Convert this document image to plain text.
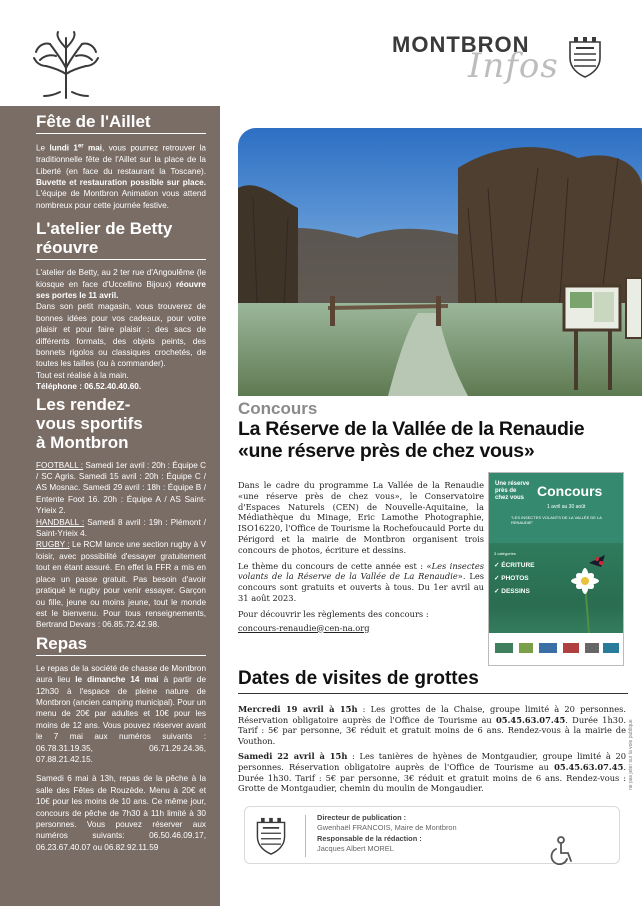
MONTBRON
Infos
Fête de l'Aillet

Le lundi 1er mai, vous pourrez retrouver la traditionnelle fête de l'Aillet sur la place de la Liberté (en face du restaurant la Toscane). Buvette et restauration possible sur place. L'équipe de Montbron Animation vous attend nombreux pour cette journée festive.

L'atelier de Betty réouvre

L'atelier de Betty, au 2 ter rue d'Angoulême (le kiosque en face d'Uccellino Bijoux) réouvre ses portes le 11 avril.
Dans son petit magasin, vous trouverez de bonnes idées pour vos cadeaux, pour votre plaisir et pour faire plaisir : des sacs de différents formats, des objets peints, des bonnets rigolos ou classiques crochetés, de toutes les tailles (ou à commander).
Tout est réalisé à la main.
Téléphone : 06.52.40.40.60.

Les rendez-vous sportifs à Montbron

FOOTBALL : Samedi 1er avril : 20h : Équipe C / SC Agris. Samedi 15 avril : 20h : Équipe C / AS Mosnac. Samedi 29 avril : 18h : Équipe B / Entente Foot 16. 20h : Équipe A / AS Saint-Yrieix 2.
HANDBALL : Samedi 8 avril : 19h : Plémont / Saint-Yrieix 4.
RUGBY : Le RCM lance une section rugby à V loisir, avec possibilité d'essayer gratuitement tout en étant assuré. En effet la FFR a mis en place un passe gratuit. Pas besoin d'avoir pratiqué le rugby pour venir essayer. Garçon ou fille, jeune ou moins jeune, tout le monde est le bienvenu. Pour tous renseignements, Bertrand Devars : 06.85.72.42.98.

Repas

Le repas de la société de chasse de Montbron aura lieu le dimanche 14 mai à partir de 12h30 à l'espace de pleine nature de Montbron (ancien camping municipal). Pour un menu de 20€ par adultes et 10€ pour les moins de 12 ans. Vous pouvez réserver avant le 7 mai aux numéros suivants : 06.78.31.19.35, 06.71.29.24.36, 07.88.21.42.15.

Samedi 6 mai à 13h, repas de la pêche à la salle des Fêtes de Rouzède. Menu à 20€ et 10€ pour les moins de 10 ans. Ce même jour, concours de pêche de 7h30 à 11h limité à 30 personnes. Vous pouvez réserver aux numéros suivants: 06.50.46.09.17, 06.23.67.40.07 ou 06.82.92.11.59

Concours
La Réserve de la Vallée de la Renaudie
«une réserve près de chez vous»

Dans le cadre du programme La Vallée de la Renaudie «une réserve près de chez vous», le Conservatoire d'Espaces Naturels (CEN) de Nouvelle-Aquitaine, la Médiathèque du Minage, Eric Lamothe Photographie, ISO16220, l'Office de Tourisme la Rochefoucauld Porte du Périgord et la mairie de Montbron organisent trois concours de photos, écriture et dessins.

Le thème du concours de cette année est : «Les insectes volants de la Réserve de la Vallée de La Renaudie». Les concours sont gratuits et ouverts à tous. Du 1er avril au 31 août 2023.

Pour découvrir les règlements des concours :

concours-renaudie@cen-na.org

Une réserve près de chez vous Concours
1 avril au 30 août
"LES INSECTES VOLANTS DE LA VALLÉE DE LA RENAUDIE"
3 catégories
✓ ÉCRITURE
✓ PHOTOS
✓ DESSINS
Dates de visites de grottes

Mercredi 19 avril à 15h : Les grottes de la Chaise, groupe limité à 20 personnes. Réservation obligatoire auprès de l'Office de Tourisme au 05.45.63.07.45. Durée 1h30. Tarif : 5€ par personne, 3€ réduit et gratuit moins de 6 ans. Rendez-vous à la mairie de Vouthon.

Samedi 22 avril à 15h : Les tanières de hyènes de Montgaudier, groupe limité à 20 personnes. Réservation obligatoire auprès de l'Office de Tourisme au 05.45.63.07.45. Durée 1h30. Tarif : 5€ par personne, 3€ réduit et gratuit moins de 6 ans. Rendez-vous : Grotte de Montgaudier, chemin du moulin de Mongaudier.	ne pas jeter sur la voie publique
Directeur de publication :
Gwenhaël FRANCOIS, Maire de Montbron
Responsable de la rédaction :
Jacques Albert MOREL
